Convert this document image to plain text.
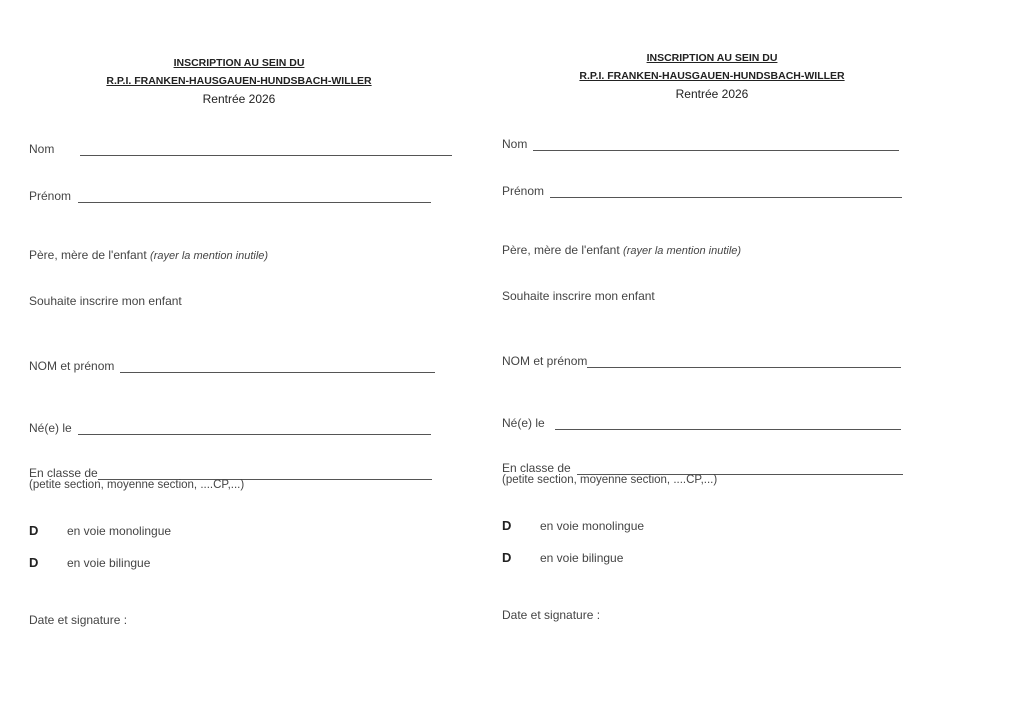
INSCRIPTION AU SEIN DU
R.P.I. FRANKEN-HAUSGAUEN-HUNDSBACH-WILLER
Rentrée 2026
Nom
Prénom
Père, mère de l'enfant (rayer la mention inutile)
Souhaite inscrire mon enfant
NOM et prénom
Né(e) le
En classe de
(petite section, moyenne section, ....CP,...)
D	en voie monolingue
D	en voie bilingue
Date et signature :
INSCRIPTION AU SEIN DU
R.P.I. FRANKEN-HAUSGAUEN-HUNDSBACH-WILLER
Rentrée 2026
Nom
Prénom
Père, mère de l'enfant (rayer la mention inutile)
Souhaite inscrire mon enfant
NOM et prénom
Né(e) le
En classe de
(petite section, moyenne section, ....CP,...)
D	en voie monolingue
D	en voie bilingue
Date et signature :
